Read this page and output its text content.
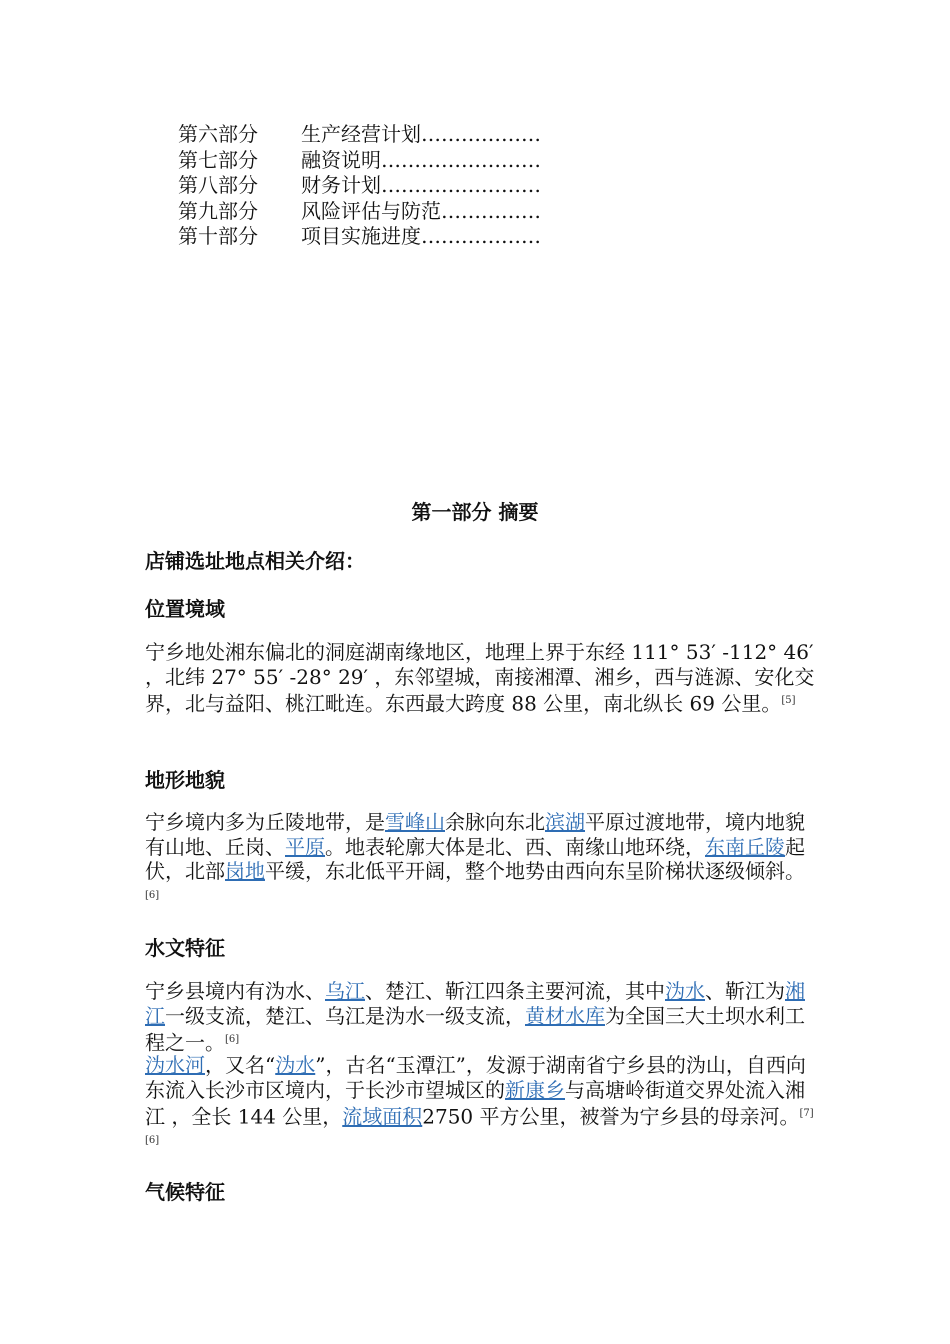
第六部分	生产经营计划 ………………
第七部分	融资说明 ……………………
第八部分	财务计划 ……………………
第九部分	风险评估与防范 ……………
第十部分	项目实施进度 ………………
第一部分 摘要
店铺选址地点相关介绍：
位置境域
宁乡地处湘东偏北的洞庭湖南缘地区，地理上界于东经 111° 53′ -112° 46′ ，北纬 27° 55′ -28° 29′ ，东邻望城，南接湘潭、湘乡，西与涟源、安化交界，北与益阳、桃江毗连。东西最大跨度 88 公里，南北纵长 69 公里。[5]
地形地貌
宁乡境内多为丘陵地带，是雪峰山余脉向东北滨湖平原过渡地带，境内地貌有山地、丘岗、平原。地表轮廓大体是北、西、南缘山地环绕，东南丘陵起伏，北部岗地平缓，东北低平开阔，整个地势由西向东呈阶梯状逐级倾斜。[6]
水文特征
宁乡县境内有沩水、乌江、楚江、靳江四条主要河流，其中沩水、靳江为湘江一级支流，楚江、乌江是沩水一级支流，黄材水库为全国三大土坝水利工程之一。[6]
沩水河，又名“沩水”，古名“玉潭江”，发源于湖南省宁乡县的沩山，自西向东流入长沙市区境内，于长沙市望城区的新康乡与高塘岭街道交界处流入湘江 ，全长 144 公里，流域面积2750 平方公里，被誉为宁乡县的母亲河。[7][6]
气候特征
